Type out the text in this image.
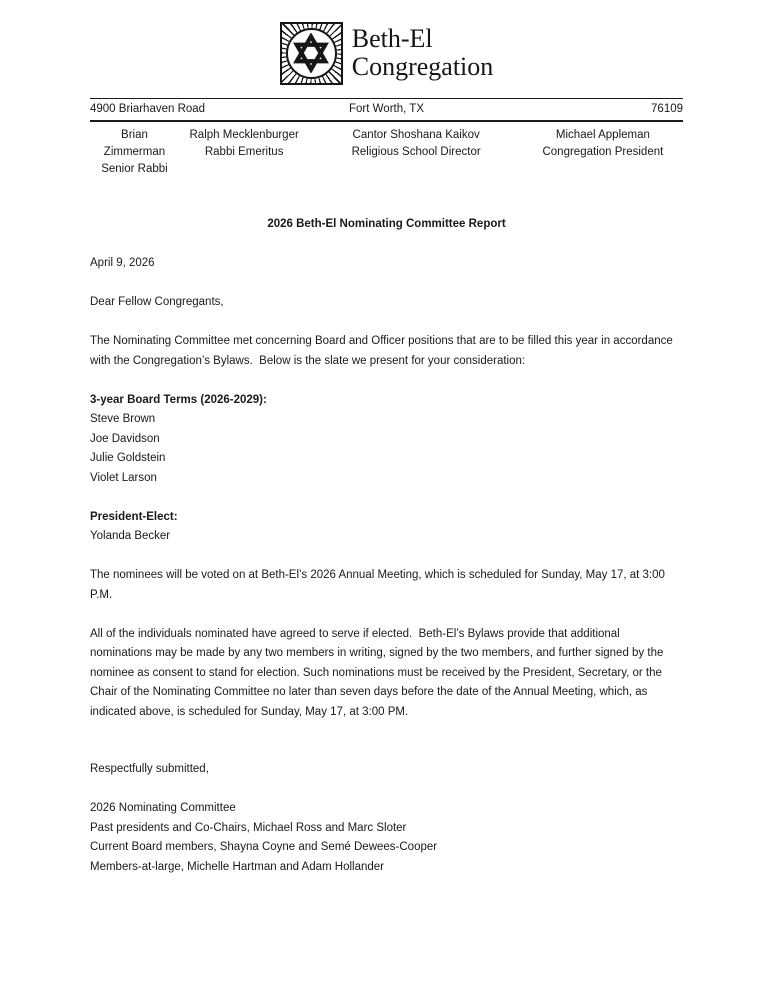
Beth-El
Congregation
4900 Briarhaven Road	Fort Worth, TX	76109
Brian Zimmerman
Senior Rabbi
Ralph Mecklenburger
Rabbi Emeritus
Cantor Shoshana Kaikov
Religious School Director
Michael Appleman
Congregation President
2026 Beth-El Nominating Committee Report

April 9, 2026

Dear Fellow Congregants,

The Nominating Committee met concerning Board and Officer positions that are to be filled this year in accordance with the Congregation’s Bylaws.  Below is the slate we present for your consideration:

3-year Board Terms (2026-2029):
Steve Brown
Joe Davidson
Julie Goldstein
Violet Larson
President-Elect:
Yolanda Becker

The nominees will be voted on at Beth-El’s 2026 Annual Meeting, which is scheduled for Sunday, May 17, at 3:00 P.M.

All of the individuals nominated have agreed to serve if elected.  Beth-El’s Bylaws provide that additional nominations may be made by any two members in writing, signed by the two members, and further signed by the nominee as consent to stand for election. Such nominations must be received by the President, Secretary, or the Chair of the Nominating Committee no later than seven days before the date of the Annual Meeting, which, as indicated above, is scheduled for Sunday, May 17, at 3:00 PM.

Respectfully submitted,

2026 Nominating Committee
Past presidents and Co-Chairs, Michael Ross and Marc Sloter
Current Board members, Shayna Coyne and Semé Dewees-Cooper
Members-at-large, Michelle Hartman and Adam Hollander
